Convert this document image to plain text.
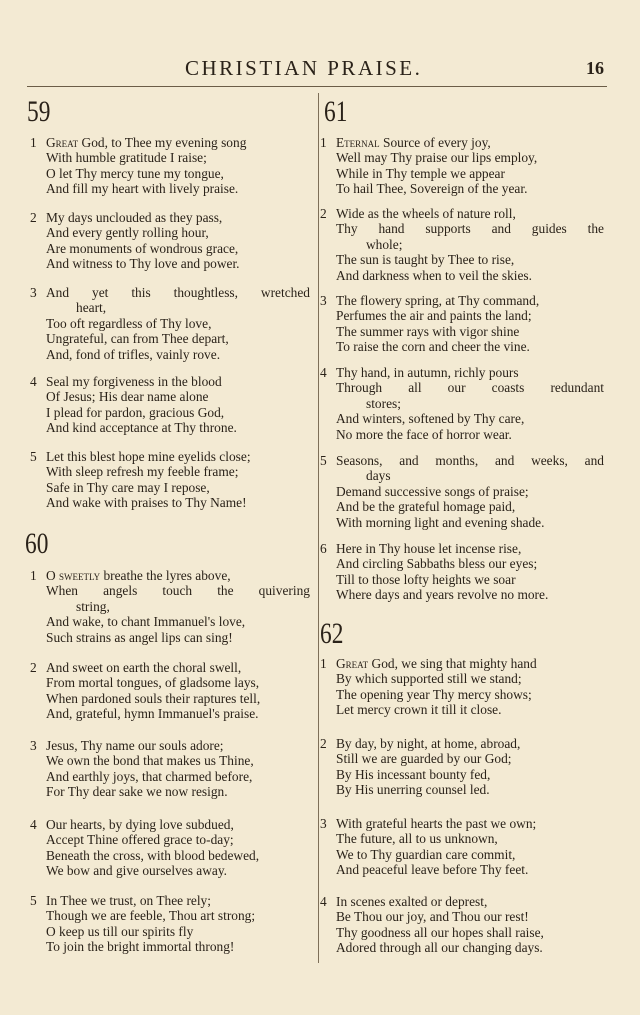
CHRISTIAN PRAISE.	16
59
1 Great God, to Thee my evening song
With humble gratitude I raise;
O let Thy mercy tune my tongue,
And fill my heart with lively praise.
2 My days unclouded as they pass,
And every gently rolling hour,
Are monuments of wondrous grace,
And witness to Thy love and power.
3 And yet this thoughtless, wretched
heart,
Too oft regardless of Thy love,
Ungrateful, can from Thee depart,
And, fond of trifles, vainly rove.
4 Seal my forgiveness in the blood
Of Jesus; His dear name alone
I plead for pardon, gracious God,
And kind acceptance at Thy throne.
5 Let this blest hope mine eyelids close;
With sleep refresh my feeble frame;
Safe in Thy care may I repose,
And wake with praises to Thy Name!
60
1 O sweetly breathe the lyres above,
When angels touch the quivering
string,
And wake, to chant Immanuel's love,
Such strains as angel lips can sing!
2 And sweet on earth the choral swell,
From mortal tongues, of gladsome lays,
When pardoned souls their raptures tell,
And, grateful, hymn Immanuel's praise.
3 Jesus, Thy name our souls adore;
We own the bond that makes us Thine,
And earthly joys, that charmed before,
For Thy dear sake we now resign.
4 Our hearts, by dying love subdued,
Accept Thine offered grace to-day;
Beneath the cross, with blood bedewed,
We bow and give ourselves away.
5 In Thee we trust, on Thee rely;
Though we are feeble, Thou art strong;
O keep us till our spirits fly
To join the bright immortal throng!
61
1 Eternal Source of every joy,
Well may Thy praise our lips employ,
While in Thy temple we appear
To hail Thee, Sovereign of the year.
2 Wide as the wheels of nature roll,
Thy hand supports and guides the
whole;
The sun is taught by Thee to rise,
And darkness when to veil the skies.
3 The flowery spring, at Thy command,
Perfumes the air and paints the land;
The summer rays with vigor shine
To raise the corn and cheer the vine.
4 Thy hand, in autumn, richly pours
Through all our coasts redundant
stores;
And winters, softened by Thy care,
No more the face of horror wear.
5 Seasons, and months, and weeks, and
days
Demand successive songs of praise;
And be the grateful homage paid,
With morning light and evening shade.
6 Here in Thy house let incense rise,
And circling Sabbaths bless our eyes;
Till to those lofty heights we soar
Where days and years revolve no more.
62
1 Great God, we sing that mighty hand
By which supported still we stand;
The opening year Thy mercy shows;
Let mercy crown it till it close.
2 By day, by night, at home, abroad,
Still we are guarded by our God;
By His incessant bounty fed,
By His unerring counsel led.
3 With grateful hearts the past we own;
The future, all to us unknown,
We to Thy guardian care commit,
And peaceful leave before Thy feet.
4 In scenes exalted or deprest,
Be Thou our joy, and Thou our rest!
Thy goodness all our hopes shall raise,
Adored through all our changing days.
